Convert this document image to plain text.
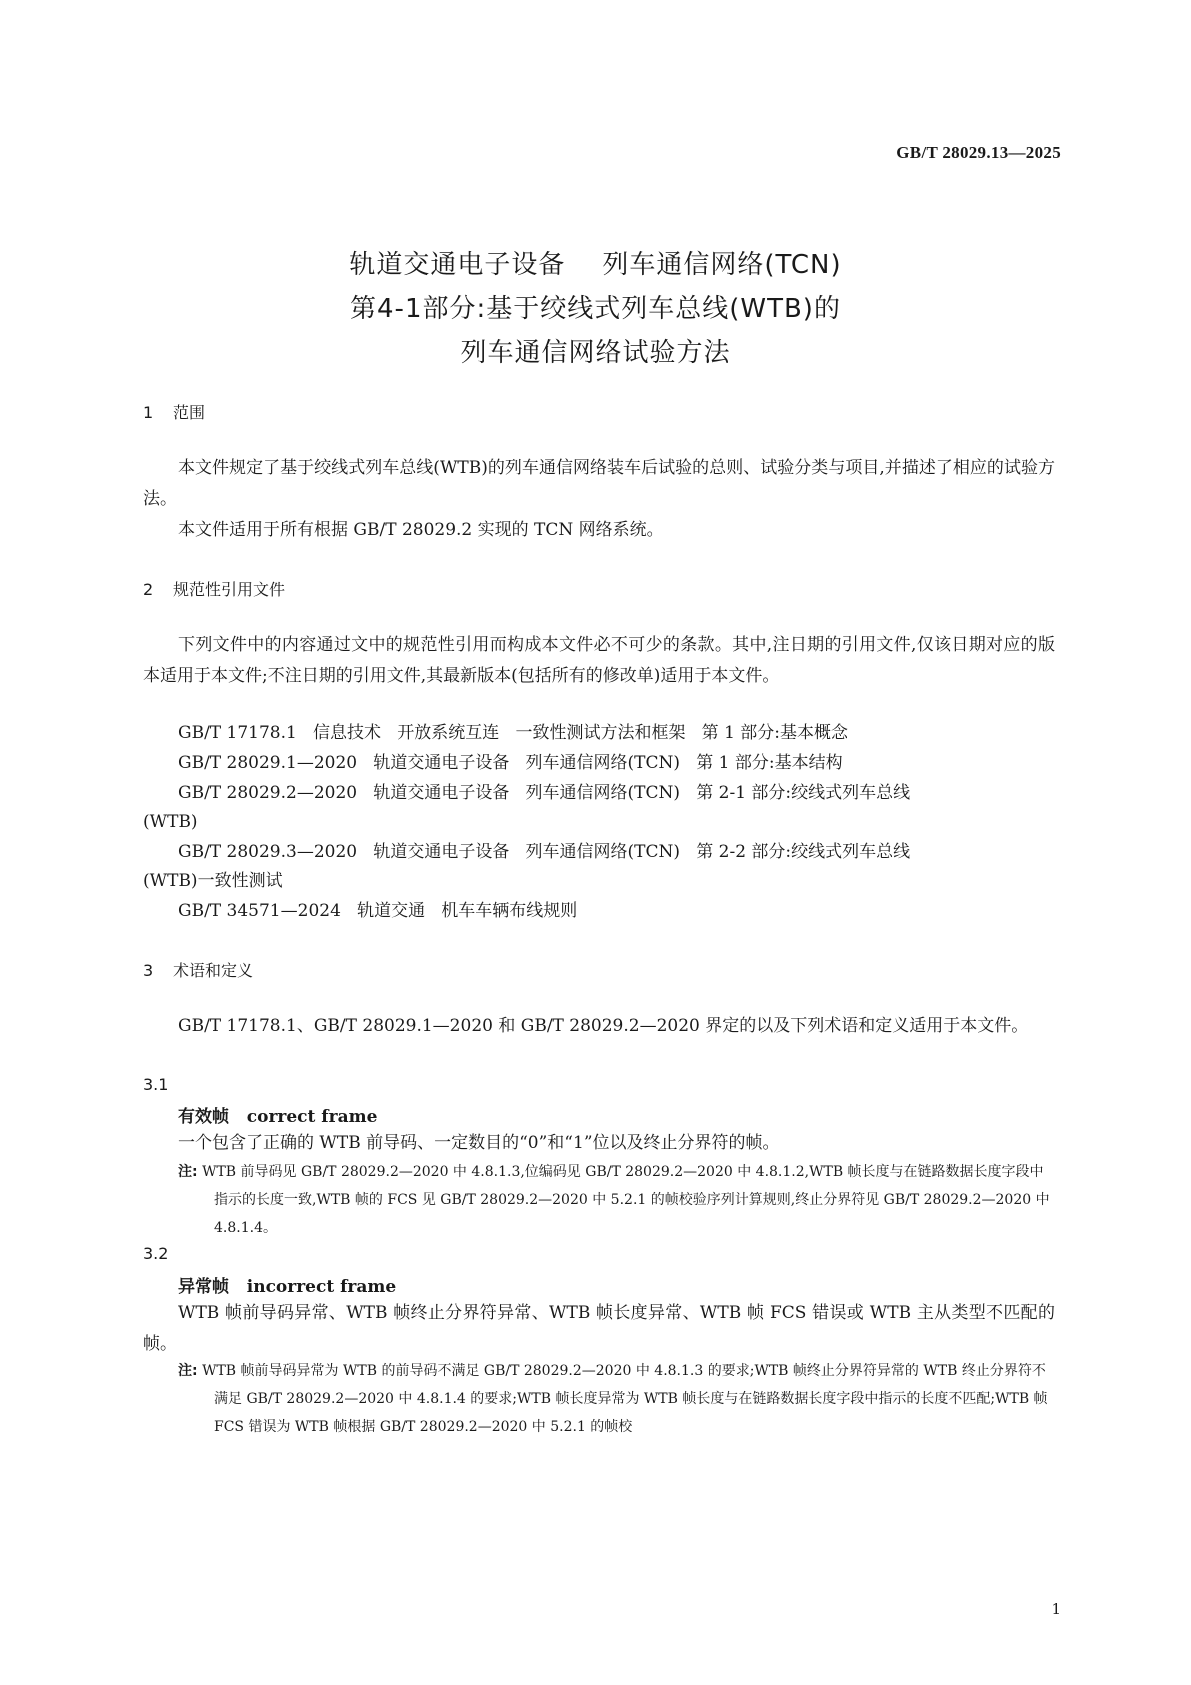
GB/T 28029.13—2025
轨道交通电子设备    列车通信网络(TCN)
第4-1部分:基于绞线式列车总线(WTB)的
列车通信网络试验方法
1 范围
本文件规定了基于绞线式列车总线(WTB)的列车通信网络装车后试验的总则、试验分类与项目,并描述了相应的试验方法。
本文件适用于所有根据 GB/T 28029.2 实现的 TCN 网络系统。
2 规范性引用文件
下列文件中的内容通过文中的规范性引用而构成本文件必不可少的条款。其中,注日期的引用文件,仅该日期对应的版本适用于本文件;不注日期的引用文件,其最新版本(包括所有的修改单)适用于本文件。
GB/T 17178.1   信息技术   开放系统互连   一致性测试方法和框架   第 1 部分:基本概念
GB/T 28029.1—2020   轨道交通电子设备   列车通信网络(TCN)   第 1 部分:基本结构
GB/T 28029.2—2020   轨道交通电子设备   列车通信网络(TCN)   第 2-1 部分:绞线式列车总线
(WTB)
GB/T 28029.3—2020   轨道交通电子设备   列车通信网络(TCN)   第 2-2 部分:绞线式列车总线
(WTB)一致性测试
GB/T 34571—2024   轨道交通   机车车辆布线规则
3 术语和定义
GB/T 17178.1、GB/T 28029.1—2020 和 GB/T 28029.2—2020 界定的以及下列术语和定义适用于本文件。
3.1
有效帧   correct frame
一个包含了正确的 WTB 前导码、一定数目的“0”和“1”位以及终止分界符的帧。
注: WTB 前导码见 GB/T 28029.2—2020 中 4.8.1.3,位编码见 GB/T 28029.2—2020 中 4.8.1.2,WTB 帧长度与在链路数据长度字段中指示的长度一致,WTB 帧的 FCS 见 GB/T 28029.2—2020 中 5.2.1 的帧校验序列计算规则,终止分界符见 GB/T 28029.2—2020 中 4.8.1.4。
3.2
异常帧   incorrect frame
WTB 帧前导码异常、WTB 帧终止分界符异常、WTB 帧长度异常、WTB 帧 FCS 错误或 WTB 主从类型不匹配的帧。
注: WTB 帧前导码异常为 WTB 的前导码不满足 GB/T 28029.2—2020 中 4.8.1.3 的要求;WTB 帧终止分界符异常的 WTB 终止分界符不满足 GB/T 28029.2—2020 中 4.8.1.4 的要求;WTB 帧长度异常为 WTB 帧长度与在链路数据长度字段中指示的长度不匹配;WTB 帧 FCS 错误为 WTB 帧根据 GB/T 28029.2—2020 中 5.2.1 的帧校
1
